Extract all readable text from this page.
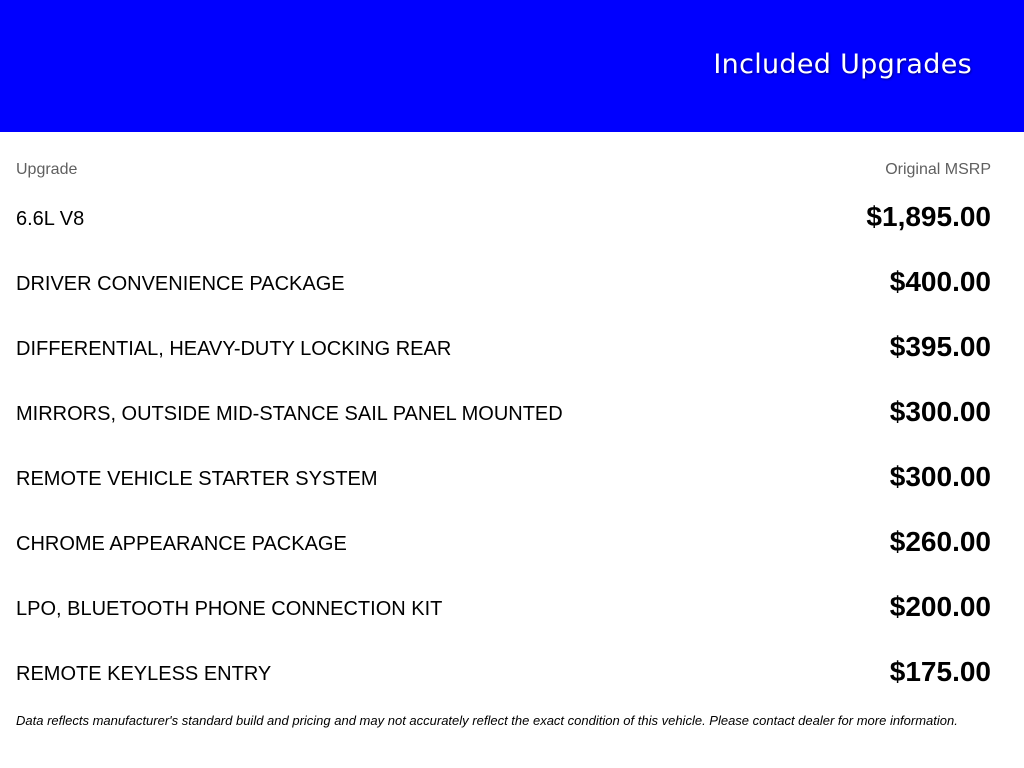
Included Upgrades
Upgrade	Original MSRP
6.6L V8	$1,895.00
DRIVER CONVENIENCE PACKAGE	$400.00
DIFFERENTIAL, HEAVY-DUTY LOCKING REAR	$395.00
MIRRORS, OUTSIDE MID-STANCE SAIL PANEL MOUNTED	$300.00
REMOTE VEHICLE STARTER SYSTEM	$300.00
CHROME APPEARANCE PACKAGE	$260.00
LPO, BLUETOOTH PHONE CONNECTION KIT	$200.00
REMOTE KEYLESS ENTRY	$175.00
Data reflects manufacturer's standard build and pricing and may not accurately reflect the exact condition of this vehicle. Please contact dealer for more information.
